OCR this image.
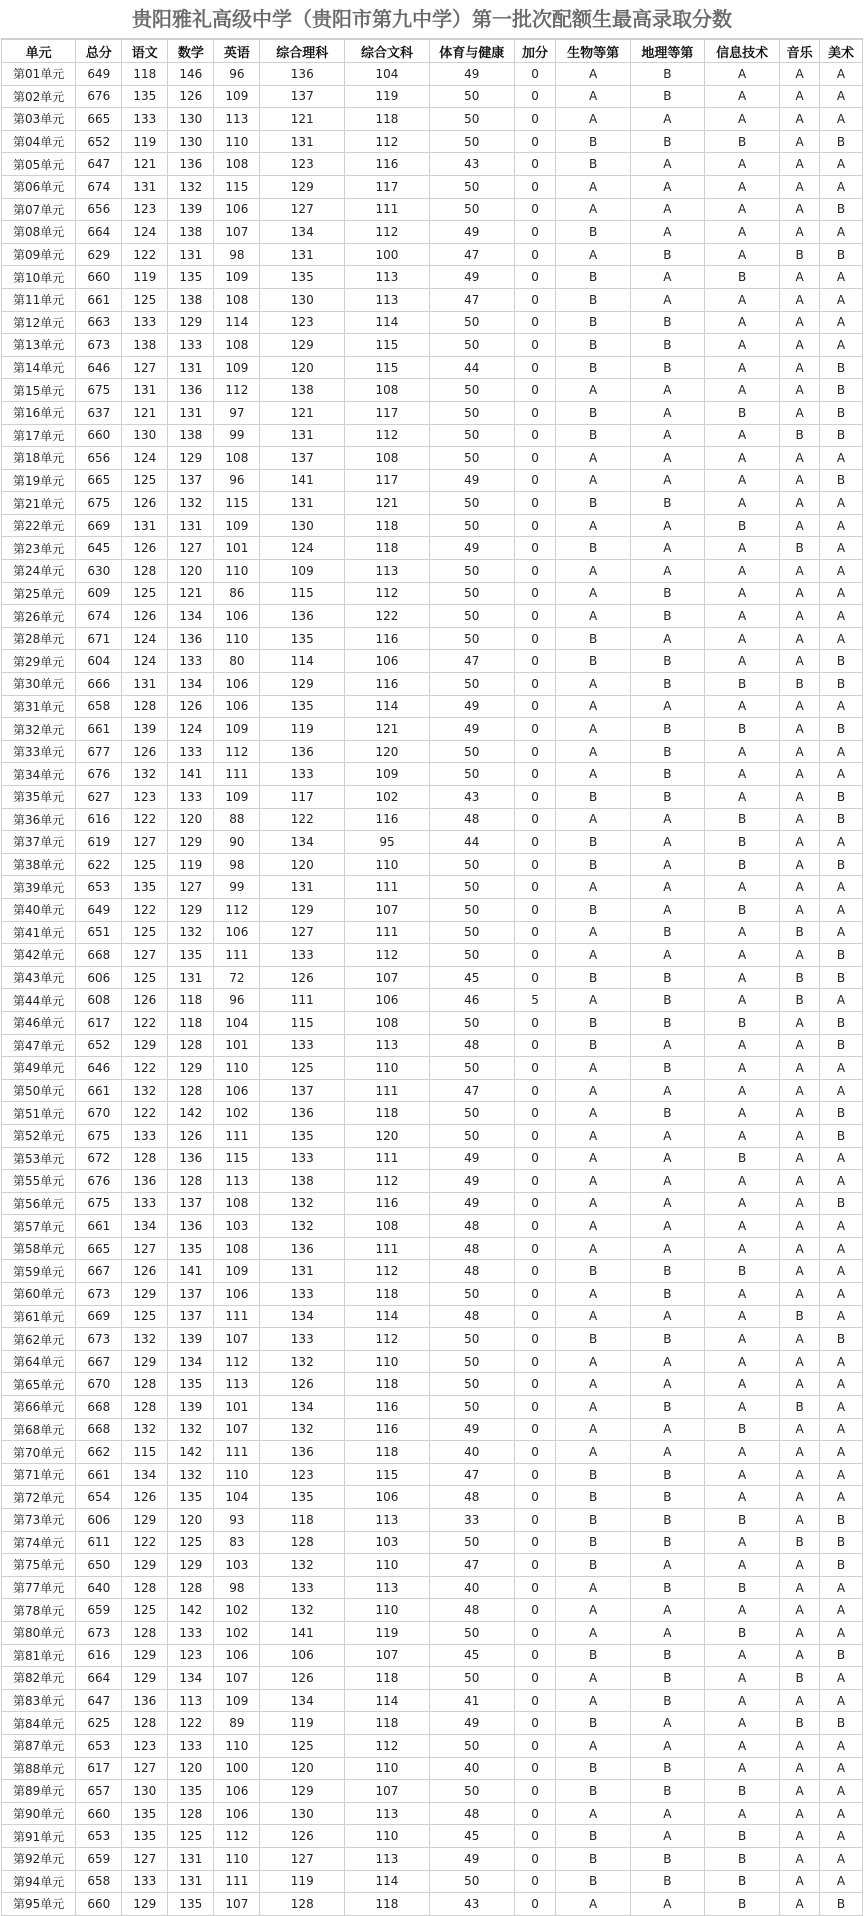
贵阳雅礼高级中学（贵阳市第九中学）第一批次配额生最高录取分数
单元	总分	语文	数学	英语	综合理科	综合文科	体育与健康	加分	生物等第	地理等第	信息技术	音乐	美术
第01单元	649	118	146	96	136	104	49	0	A	B	A	A	A
第02单元	676	135	126	109	137	119	50	0	A	B	A	A	A
第03单元	665	133	130	113	121	118	50	0	A	A	A	A	A
第04单元	652	119	130	110	131	112	50	0	B	B	B	A	B
第05单元	647	121	136	108	123	116	43	0	B	A	A	A	A
第06单元	674	131	132	115	129	117	50	0	A	A	A	A	A
第07单元	656	123	139	106	127	111	50	0	A	A	A	A	B
第08单元	664	124	138	107	134	112	49	0	B	A	A	A	A
第09单元	629	122	131	98	131	100	47	0	A	B	A	B	B
第10单元	660	119	135	109	135	113	49	0	B	A	B	A	A
第11单元	661	125	138	108	130	113	47	0	B	A	A	A	A
第12单元	663	133	129	114	123	114	50	0	B	B	A	A	A
第13单元	673	138	133	108	129	115	50	0	B	B	A	A	A
第14单元	646	127	131	109	120	115	44	0	B	B	A	A	B
第15单元	675	131	136	112	138	108	50	0	A	A	A	A	B
第16单元	637	121	131	97	121	117	50	0	B	A	B	A	B
第17单元	660	130	138	99	131	112	50	0	B	A	A	B	B
第18单元	656	124	129	108	137	108	50	0	A	A	A	A	A
第19单元	665	125	137	96	141	117	49	0	A	A	A	A	B
第21单元	675	126	132	115	131	121	50	0	B	B	A	A	A
第22单元	669	131	131	109	130	118	50	0	A	A	B	A	A
第23单元	645	126	127	101	124	118	49	0	B	A	A	B	A
第24单元	630	128	120	110	109	113	50	0	A	A	A	A	A
第25单元	609	125	121	86	115	112	50	0	A	B	A	A	A
第26单元	674	126	134	106	136	122	50	0	A	B	A	A	A
第28单元	671	124	136	110	135	116	50	0	B	A	A	A	A
第29单元	604	124	133	80	114	106	47	0	B	B	A	A	B
第30单元	666	131	134	106	129	116	50	0	A	B	B	B	B
第31单元	658	128	126	106	135	114	49	0	A	A	A	A	A
第32单元	661	139	124	109	119	121	49	0	A	B	B	A	B
第33单元	677	126	133	112	136	120	50	0	A	B	A	A	A
第34单元	676	132	141	111	133	109	50	0	A	B	A	A	A
第35单元	627	123	133	109	117	102	43	0	B	B	A	A	B
第36单元	616	122	120	88	122	116	48	0	A	A	B	A	B
第37单元	619	127	129	90	134	95	44	0	B	A	B	A	A
第38单元	622	125	119	98	120	110	50	0	B	A	B	A	B
第39单元	653	135	127	99	131	111	50	0	A	A	A	A	A
第40单元	649	122	129	112	129	107	50	0	B	A	B	A	A
第41单元	651	125	132	106	127	111	50	0	A	B	A	B	A
第42单元	668	127	135	111	133	112	50	0	A	A	A	A	B
第43单元	606	125	131	72	126	107	45	0	B	B	A	B	B
第44单元	608	126	118	96	111	106	46	5	A	B	A	B	A
第46单元	617	122	118	104	115	108	50	0	B	B	B	A	B
第47单元	652	129	128	101	133	113	48	0	B	A	A	A	B
第49单元	646	122	129	110	125	110	50	0	A	B	A	A	A
第50单元	661	132	128	106	137	111	47	0	A	A	A	A	A
第51单元	670	122	142	102	136	118	50	0	A	B	A	A	B
第52单元	675	133	126	111	135	120	50	0	A	A	A	A	B
第53单元	672	128	136	115	133	111	49	0	A	A	B	A	A
第55单元	676	136	128	113	138	112	49	0	A	A	A	A	A
第56单元	675	133	137	108	132	116	49	0	A	A	A	A	B
第57单元	661	134	136	103	132	108	48	0	A	A	A	A	A
第58单元	665	127	135	108	136	111	48	0	A	A	A	A	A
第59单元	667	126	141	109	131	112	48	0	B	B	B	A	A
第60单元	673	129	137	106	133	118	50	0	A	B	A	A	A
第61单元	669	125	137	111	134	114	48	0	A	A	A	B	A
第62单元	673	132	139	107	133	112	50	0	B	B	A	A	B
第64单元	667	129	134	112	132	110	50	0	A	A	A	A	A
第65单元	670	128	135	113	126	118	50	0	A	A	A	A	A
第66单元	668	128	139	101	134	116	50	0	A	B	A	B	A
第68单元	668	132	132	107	132	116	49	0	A	A	B	A	A
第70单元	662	115	142	111	136	118	40	0	A	A	A	A	A
第71单元	661	134	132	110	123	115	47	0	B	B	A	A	A
第72单元	654	126	135	104	135	106	48	0	B	B	A	A	A
第73单元	606	129	120	93	118	113	33	0	B	B	B	A	B
第74单元	611	122	125	83	128	103	50	0	B	B	A	B	B
第75单元	650	129	129	103	132	110	47	0	B	A	A	A	B
第77单元	640	128	128	98	133	113	40	0	A	B	B	A	A
第78单元	659	125	142	102	132	110	48	0	A	A	A	A	A
第80单元	673	128	133	102	141	119	50	0	A	A	B	A	A
第81单元	616	129	123	106	106	107	45	0	B	B	A	A	B
第82单元	664	129	134	107	126	118	50	0	A	B	A	B	A
第83单元	647	136	113	109	134	114	41	0	A	B	A	A	A
第84单元	625	128	122	89	119	118	49	0	B	A	A	B	B
第87单元	653	123	133	110	125	112	50	0	A	A	A	A	A
第88单元	617	127	120	100	120	110	40	0	B	B	A	A	A
第89单元	657	130	135	106	129	107	50	0	B	B	B	A	A
第90单元	660	135	128	106	130	113	48	0	A	A	A	A	A
第91单元	653	135	125	112	126	110	45	0	B	A	B	A	A
第92单元	659	127	131	110	127	113	49	0	B	B	B	A	A
第94单元	658	133	131	111	119	114	50	0	B	B	B	A	A
第95单元	660	129	135	107	128	118	43	0	A	A	B	A	B
